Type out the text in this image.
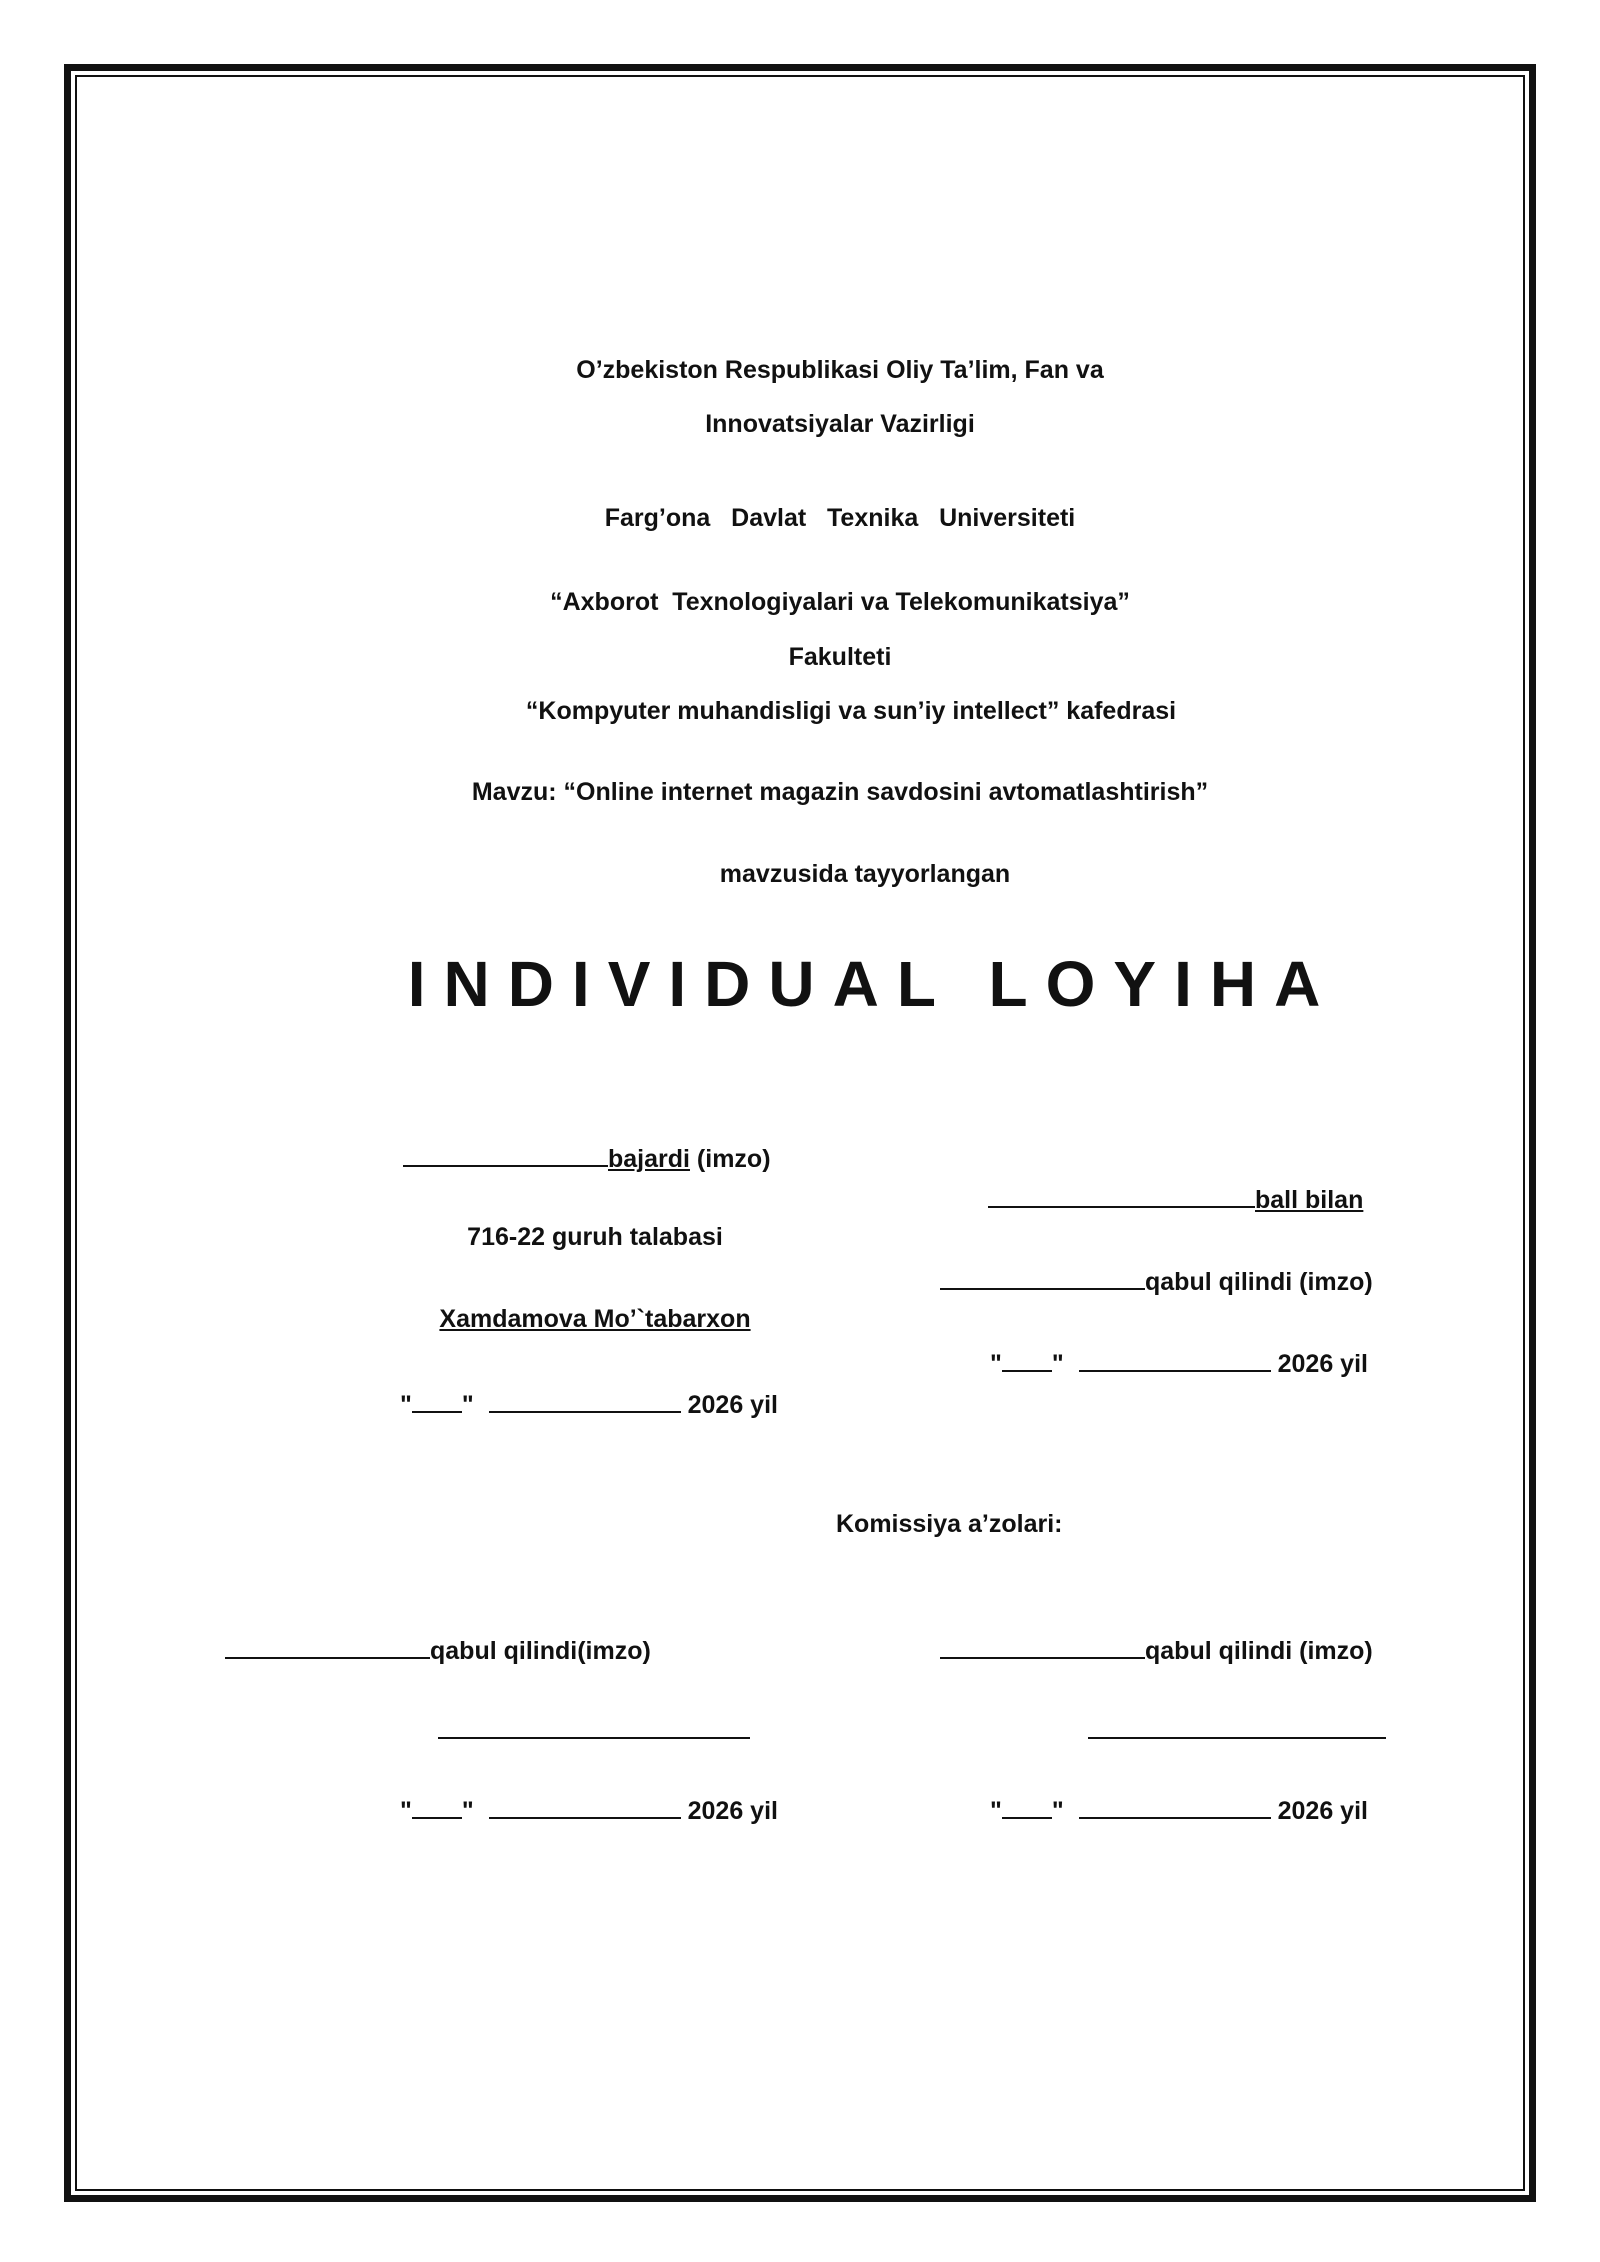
O’zbekiston Respublikasi Oliy Ta’lim, Fan va
Innovatsiyalar Vazirligi
Farg’ona   Davlat   Texnika   Universiteti
“Axborot  Texnologiyalari va Telekomunikatsiya”
Fakulteti
“Kompyuter muhandisligi va sun’iy intellect” kafedrasi
Mavzu: “Online internet magazin savdosini avtomatlashtirish”
mavzusida tayyorlangan
INDIVIDUAL LOYIHA
bajardi (imzo)
716-22 guruh talabasi
Xamdamova Mo’`tabarxon
" "	2026 yil
ball bilan
qabul qilindi (imzo)
" "	2026 yil
Komissiya a’zolari:
qabul qilindi(imzo)	qabul qilindi (imzo)
" "	2026 yil	" "	2026 yil
